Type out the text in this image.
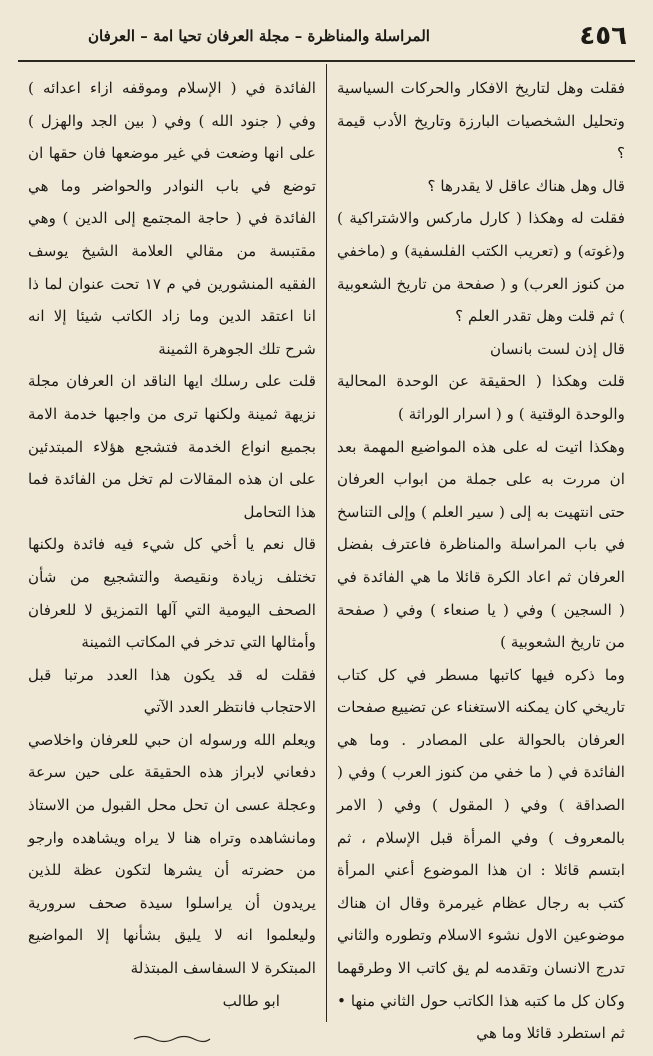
٤٥٦
المراسلة والمناظرة – مجلة العرفان تحيا امة – العرفان

فقلت وهل لتاريخ الافكار والحركات السياسية وتحليل الشخصيات البارزة وتاريخ الأدب قيمة ؟

قال وهل هناك عاقل لا يقدرها ؟

فقلت له وهكذا ( كارل ماركس والاشتراكية ) و(غوته) و (تعريب الكتب الفلسفية) و (ماخفي من كنوز العرب) و ( صفحة من تاريخ الشعوبية ) ثم قلت وهل تقدر العلم ؟

قال إذن لست بانسان

قلت وهكذا ( الحقيقة عن الوحدة المحالية والوحدة الوقتية ) و ( اسرار الوراثة )

وهكذا اتيت له على هذه المواضيع المهمة بعد ان مررت به على جملة من ابواب العرفان حتى انتهيت به إلى ( سير العلم ) وإلى التناسخ في باب المراسلة والمناظرة فاعترف بفضل العرفان ثم اعاد الكرة قائلا ما هي الفائدة في ( السجين ) وفي ( يا صنعاء ) وفي ( صفحة من تاريخ الشعوبية )

وما ذكره فيها كاتبها مسطر في كل كتاب تاريخي كان يمكنه الاستغناء عن تضييع صفحات العرفان بالحوالة على المصادر . وما هي الفائدة في ( ما خفي من كنوز العرب ) وفي ( الصداقة ) وفي ( المقول ) وفي ( الامر بالمعروف ) وفي المرأة قبل الإسلام ، ثم ابتسم قائلا : ان هذا الموضوع أعني المرأة كتب به رجال عظام غيرمرة وقال ان هناك موضوعين الاول نشوء الاسلام وتطوره والثاني تدرج الانسان وتقدمه لم يق كاتب الا وطرقهما وكان كل ما كتبه هذا الكاتب حول الثاني منها • ثم استطرد قائلا وما هي

الفائدة في ( الإسلام وموقفه ازاء اعدائه ) وفي ( جنود الله ) وفي ( بين الجد والهزل ) على انها وضعت في غير موضعها فان حقها ان توضع في باب النوادر والحواضر وما هي الفائدة في ( حاجة المجتمع إلى الدين ) وهي مقتبسة من مقالي العلامة الشيخ يوسف الفقيه المنشورين في م ١٧ تحت عنوان لما ذا انا اعتقد الدين وما زاد الكاتب شيئا إلا انه شرح تلك الجوهرة الثمينة

قلت على رسلك ايها الناقد ان العرفان مجلة نزيهة ثمينة ولكنها ترى من واجبها خدمة الامة بجميع انواع الخدمة فتشجع هؤلاء المبتدئين على ان هذه المقالات لم تخل من الفائدة فما هذا التحامل

قال نعم يا أخي كل شيء فيه فائدة ولكنها تختلف زيادة ونقيصة والتشجيع من شأن الصحف اليومية التي آلها التمزيق لا للعرفان وأمثالها التي تدخر في المكاتب الثمينة

فقلت له قد يكون هذا العدد مرتبا قبل الاحتجاب فانتظر العدد الآتي

ويعلم الله ورسوله ان حبي للعرفان واخلاصي دفعاني لابراز هذه الحقيقة على حين سرعة وعجلة عسى ان تحل محل القبول من الاستاذ ومانشاهده وتراه هنا لا يراه ويشاهده وارجو من حضرته أن يشرها لتكون عظة للذين يريدون أن يراسلوا سيدة صحف سرورية وليعلموا انه لا يليق بشأنها إلا المواضيع المبتكرة لا السفاسف المبتذلة

ابو طالب
